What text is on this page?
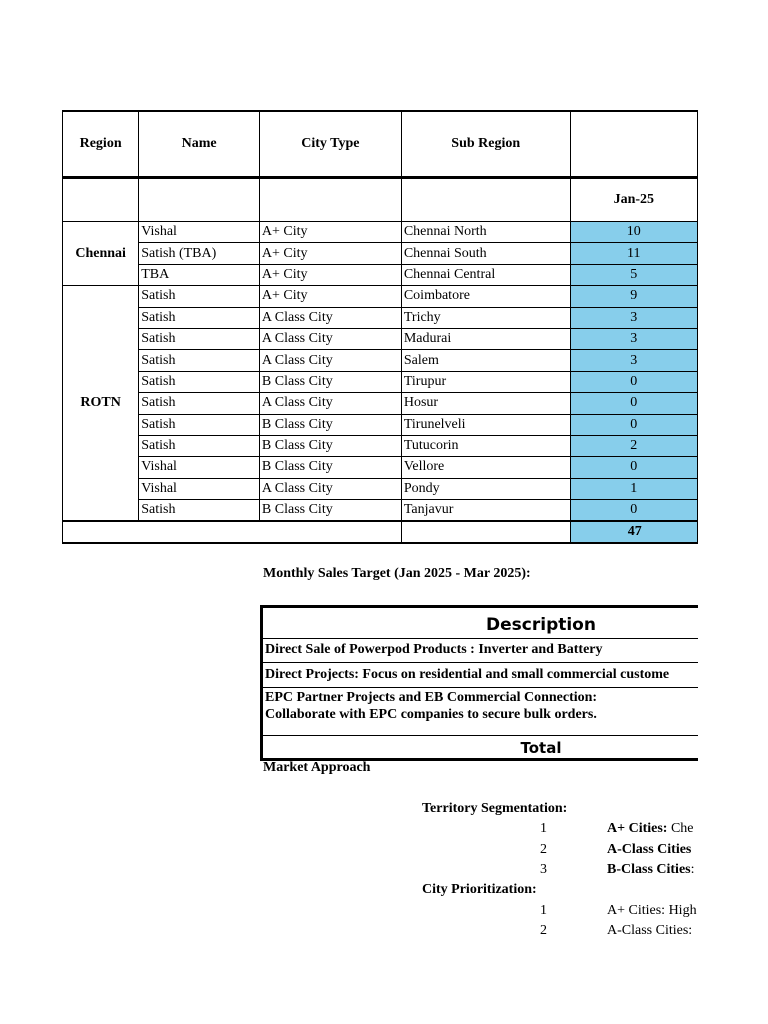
Region	Name	City Type	Sub Region	
				Jan-25
Chennai	Vishal	A+ City	Chennai North	10
	Satish (TBA)	A+ City	Chennai South	11
	TBA	A+ City	Chennai Central	5
ROTN	Satish	A+ City	Coimbatore	9
	Satish	A Class City	Trichy	3
	Satish	A Class City	Madurai	3
	Satish	A Class City	Salem	3
	Satish	B Class City	Tirupur	0
	Satish	A Class City	Hosur	0
	Satish	B Class City	Tirunelveli	0
	Satish	B Class City	Tutucorin	2
	Vishal	B Class City	Vellore	0
	Vishal	A Class City	Pondy	1
	Satish	B Class City	Tanjavur	0
				47
Monthly Sales Target (Jan 2025 - Mar 2025):
Description
Direct Sale of Powerpod Products : Inverter and Battery
Direct Projects: Focus on residential and small commercial custome
EPC Partner Projects and EB Commercial Connection:
Collaborate with EPC companies to secure bulk orders.
Total
Market Approach
Territory Segmentation:
1	A+ Cities: Che
2	A-Class Cities
3	B-Class Cities:
City Prioritization:
1	A+ Cities: High
2	A-Class Cities:
